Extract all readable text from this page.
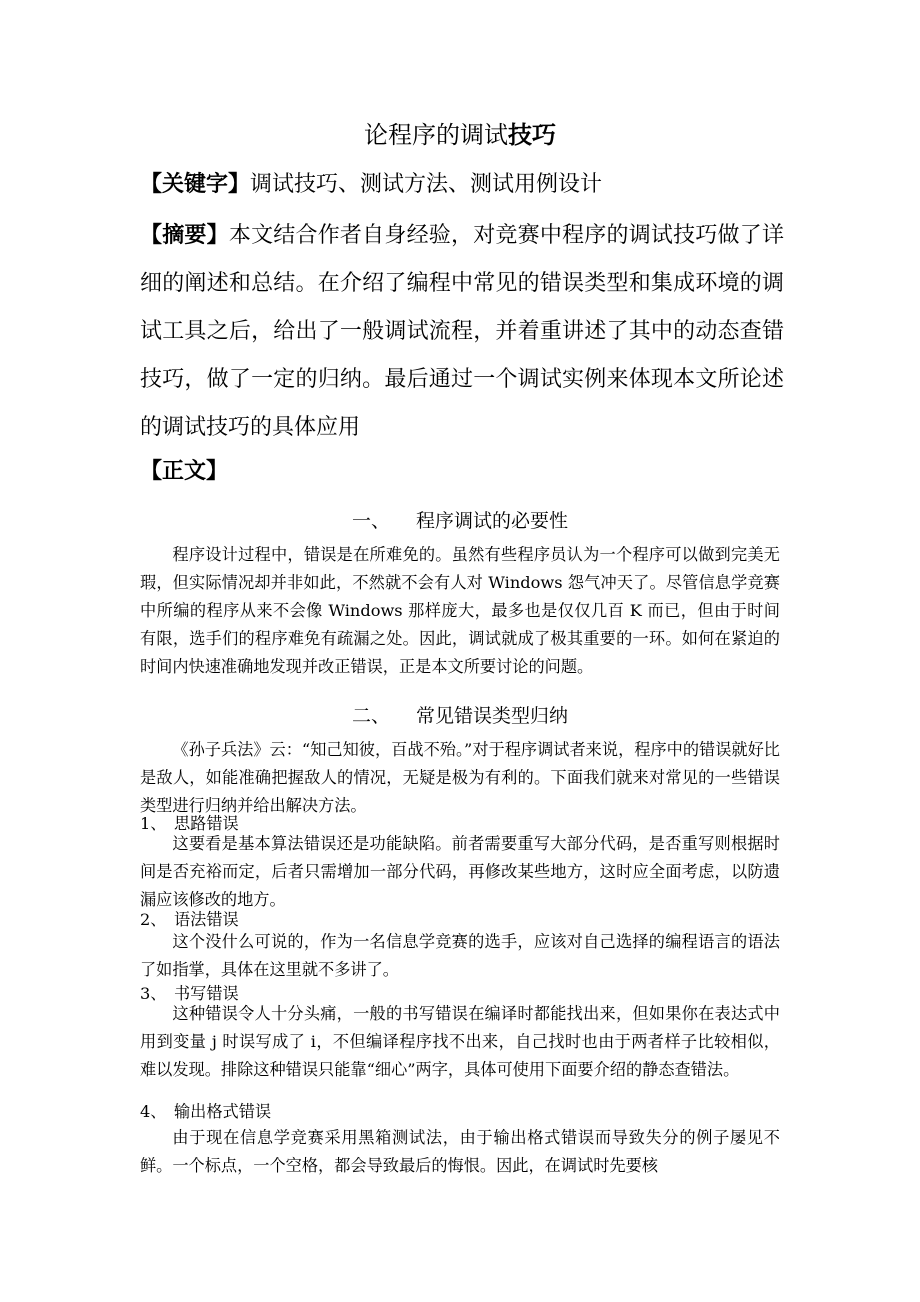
论程序的调试技巧
【关键字】调试技巧、测试方法、测试用例设计
【摘要】本文结合作者自身经验，对竞赛中程序的调试技巧做了详细的阐述和总结。在介绍了编程中常见的错误类型和集成环境的调试工具之后，给出了一般调试流程，并着重讲述了其中的动态查错技巧，做了一定的归纳。最后通过一个调试实例来体现本文所论述的调试技巧的具体应用
【正文】
一、 程序调试的必要性
程序设计过程中，错误是在所难免的。虽然有些程序员认为一个程序可以做到完美无瑕，但实际情况却并非如此，不然就不会有人对 Windows 怨气冲天了。尽管信息学竞赛中所编的程序从来不会像 Windows 那样庞大，最多也是仅仅几百 K 而已，但由于时间有限，选手们的程序难免有疏漏之处。因此，调试就成了极其重要的一环。如何在紧迫的时间内快速准确地发现并改正错误，正是本文所要讨论的问题。
二、 常见错误类型归纳
《孙子兵法》云：“知己知彼，百战不殆。”对于程序调试者来说，程序中的错误就好比是敌人，如能准确把握敌人的情况，无疑是极为有利的。下面我们就来对常见的一些错误类型进行归纳并给出解决方法。
1、 思路错误
这要看是基本算法错误还是功能缺陷。前者需要重写大部分代码，是否重写则根据时间是否充裕而定，后者只需增加一部分代码，再修改某些地方，这时应全面考虑，以防遗漏应该修改的地方。
2、 语法错误
这个没什么可说的，作为一名信息学竞赛的选手，应该对自己选择的编程语言的语法了如指掌，具体在这里就不多讲了。
3、 书写错误
这种错误令人十分头痛，一般的书写错误在编译时都能找出来，但如果你在表达式中用到变量 j 时误写成了 i，不但编译程序找不出来，自己找时也由于两者样子比较相似，难以发现。排除这种错误只能靠“细心”两字，具体可使用下面要介绍的静态查错法。
4、 输出格式错误
由于现在信息学竞赛采用黑箱测试法，由于输出格式错误而导致失分的例子屡见不鲜。一个标点，一个空格，都会导致最后的悔恨。因此，在调试时先要核
